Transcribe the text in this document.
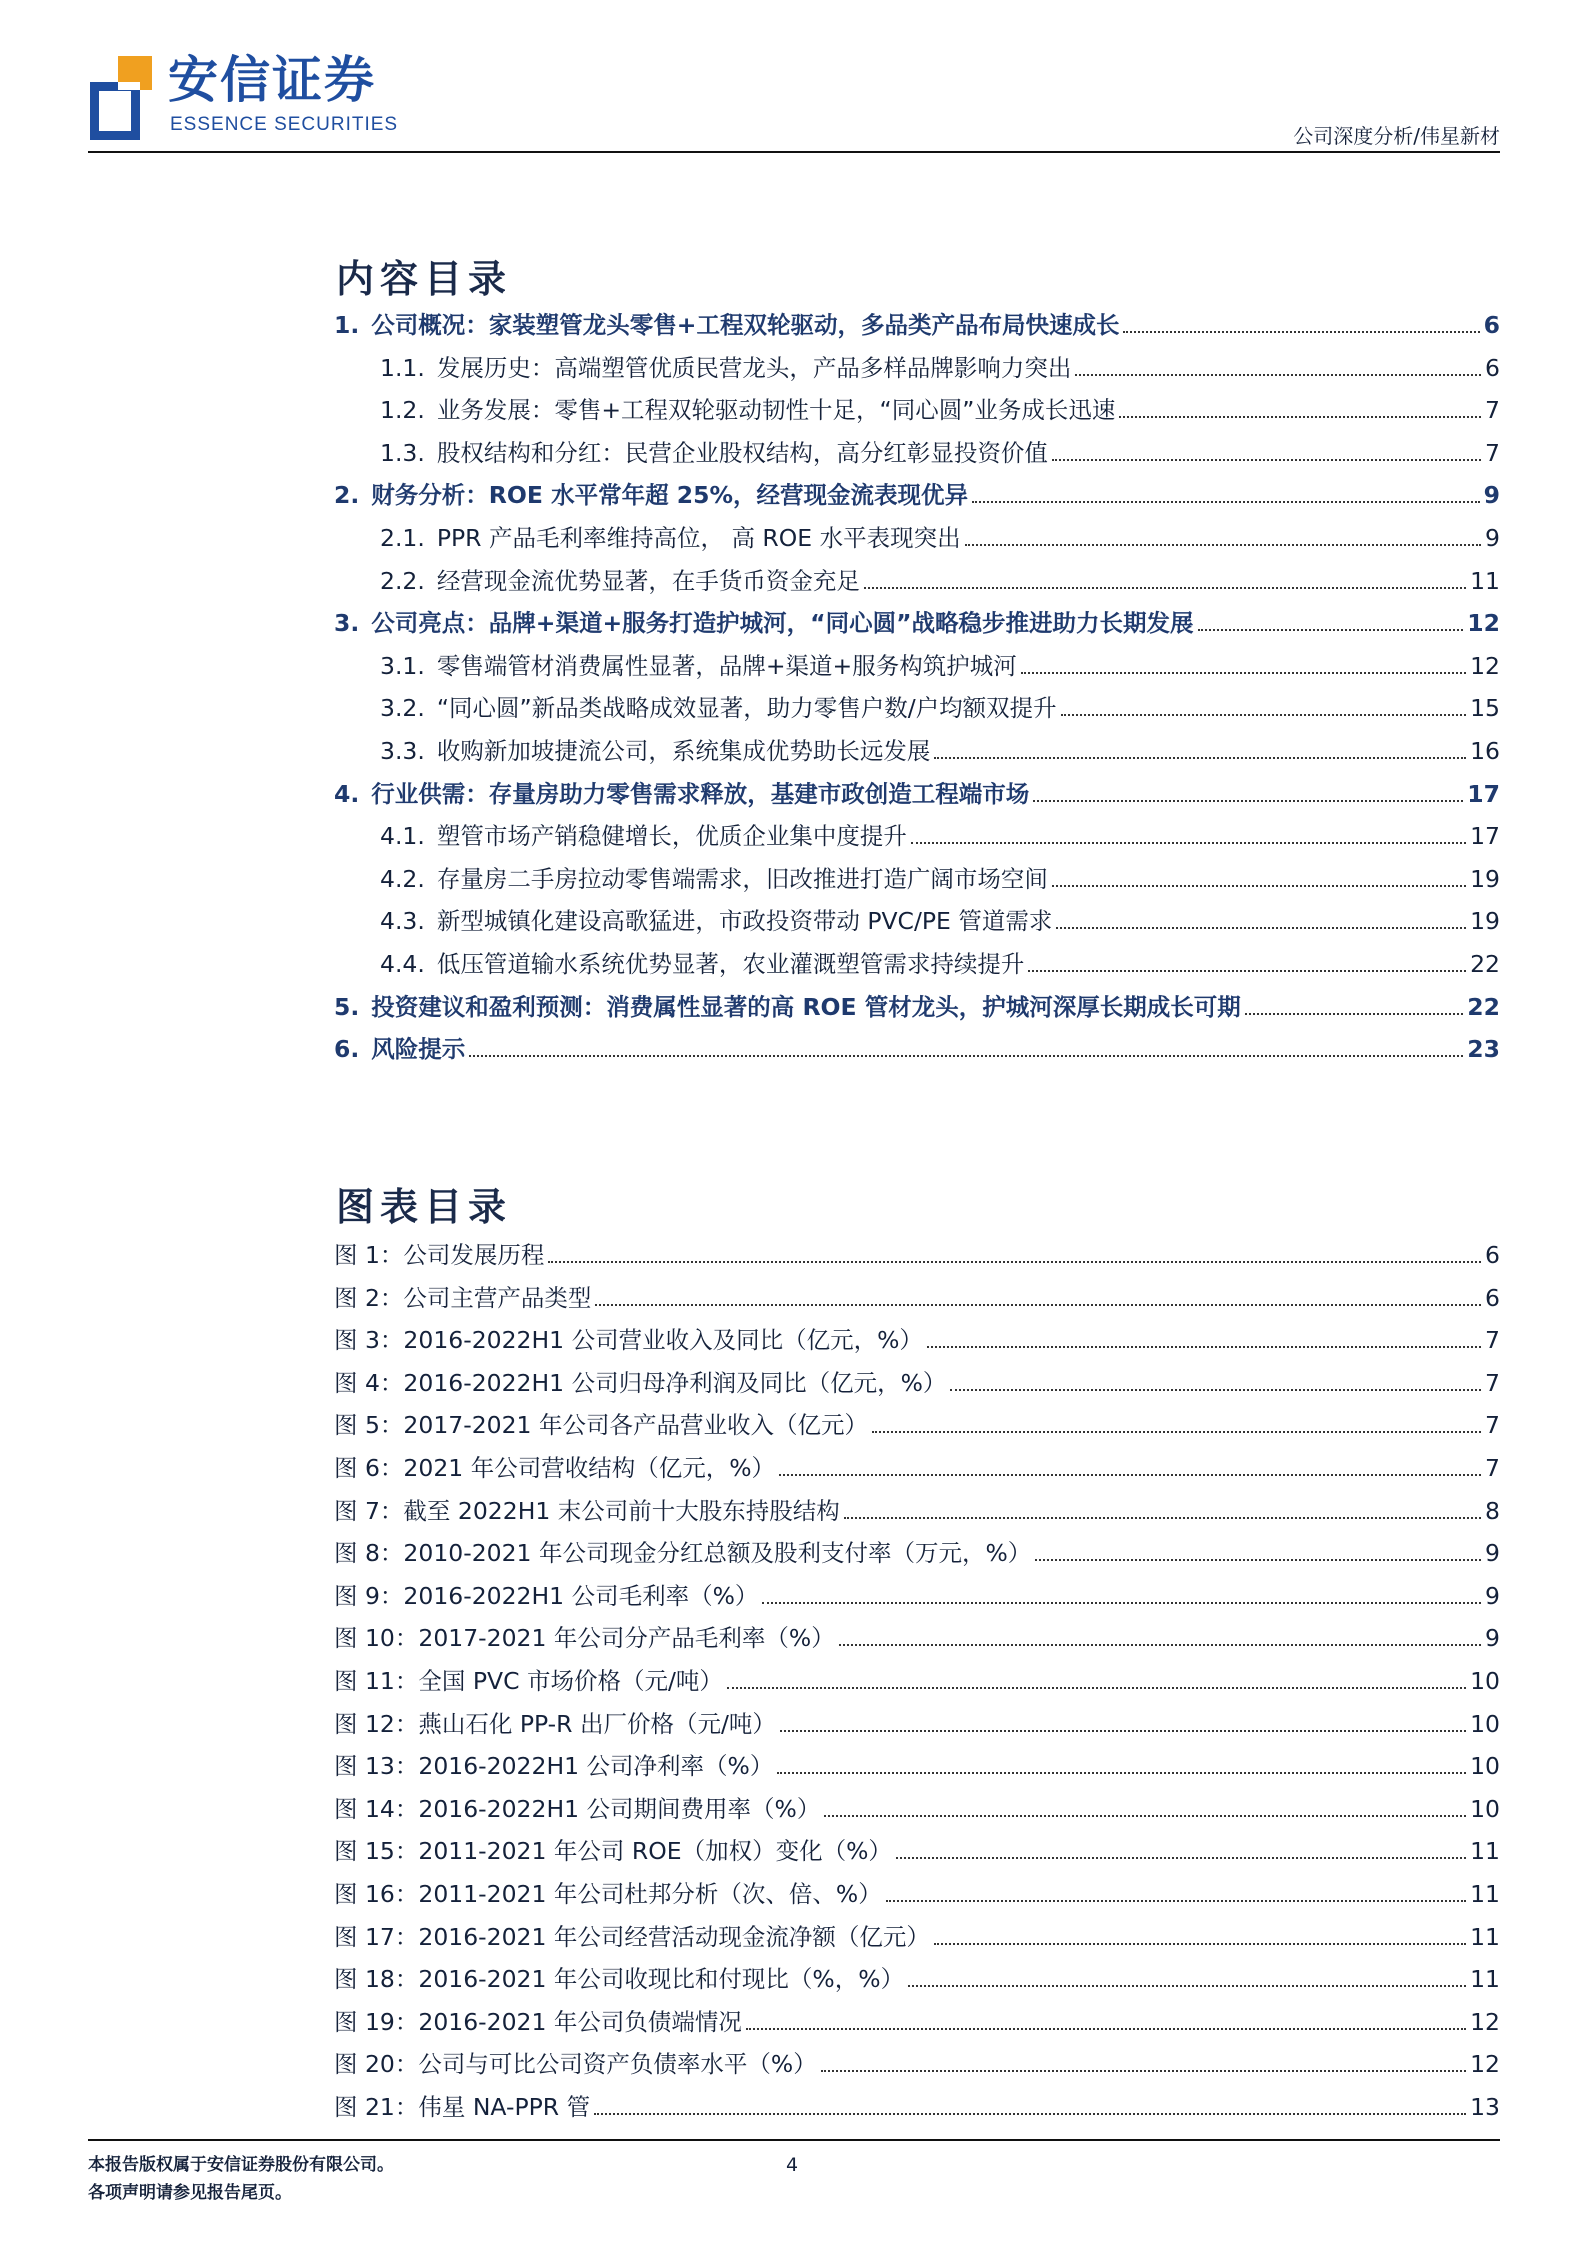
安信证券
ESSENCE SECURITIES	公司深度分析/伟星新材
内容目录
1. 公司概况：家装塑管龙头零售+工程双轮驱动，多品类产品布局快速成长	6
1.1. 发展历史：高端塑管优质民营龙头，产品多样品牌影响力突出	6
1.2. 业务发展：零售+工程双轮驱动韧性十足，“同心圆”业务成长迅速	7
1.3. 股权结构和分红：民营企业股权结构，高分红彰显投资价值	7
2. 财务分析：ROE 水平常年超 25%，经营现金流表现优异	9
2.1. PPR 产品毛利率维持高位， 高 ROE 水平表现突出	9
2.2. 经营现金流优势显著，在手货币资金充足	11
3. 公司亮点：品牌+渠道+服务打造护城河，“同心圆”战略稳步推进助力长期发展	12
3.1. 零售端管材消费属性显著，品牌+渠道+服务构筑护城河	12
3.2. “同心圆”新品类战略成效显著，助力零售户数/户均额双提升	15
3.3. 收购新加坡捷流公司，系统集成优势助长远发展	16
4. 行业供需：存量房助力零售需求释放，基建市政创造工程端市场	17
4.1. 塑管市场产销稳健增长，优质企业集中度提升	17
4.2. 存量房二手房拉动零售端需求，旧改推进打造广阔市场空间	19
4.3. 新型城镇化建设高歌猛进，市政投资带动 PVC/PE 管道需求	19
4.4. 低压管道输水系统优势显著，农业灌溉塑管需求持续提升	22
5. 投资建议和盈利预测：消费属性显著的高 ROE 管材龙头，护城河深厚长期成长可期	22
6. 风险提示	23
图表目录
图 1：公司发展历程	6
图 2：公司主营产品类型	6
图 3：2016-2022H1 公司营业收入及同比（亿元，%）	7
图 4：2016-2022H1 公司归母净利润及同比（亿元，%）	7
图 5：2017-2021 年公司各产品营业收入（亿元）	7
图 6：2021 年公司营收结构（亿元，%）	7
图 7：截至 2022H1 末公司前十大股东持股结构	8
图 8：2010-2021 年公司现金分红总额及股利支付率（万元，%）	9
图 9：2016-2022H1 公司毛利率（%）	9
图 10：2017-2021 年公司分产品毛利率（%）	9
图 11：全国 PVC 市场价格（元/吨）	10
图 12：燕山石化 PP-R 出厂价格（元/吨）	10
图 13：2016-2022H1 公司净利率（%）	10
图 14：2016-2022H1 公司期间费用率（%）	10
图 15：2011-2021 年公司 ROE（加权）变化（%）	11
图 16：2011-2021 年公司杜邦分析（次、倍、%）	11
图 17：2016-2021 年公司经营活动现金流净额（亿元）	11
图 18：2016-2021 年公司收现比和付现比（%，%）	11
图 19：2016-2021 年公司负债端情况	12
图 20：公司与可比公司资产负债率水平（%）	12
图 21：伟星 NA-PPR 管	13
本报告版权属于安信证券股份有限公司。
各项声明请参见报告尾页。
4
